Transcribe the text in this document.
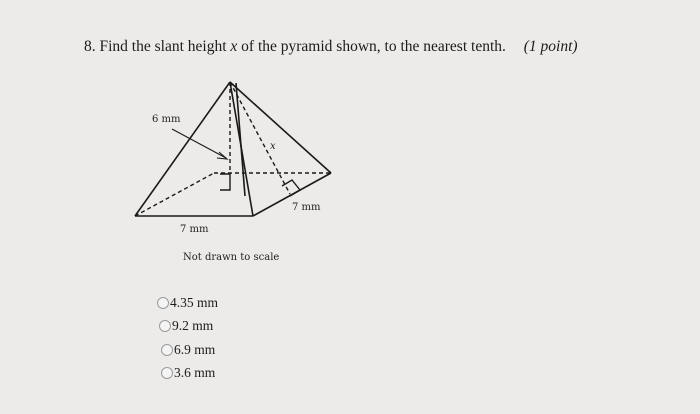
8. Find the slant height x of the pyramid shown, to the nearest tenth. (1 point)
6 mm
x
7 mm
7 mm
Not drawn to scale
4.35 mm
9.2 mm
6.9 mm
3.6 mm
